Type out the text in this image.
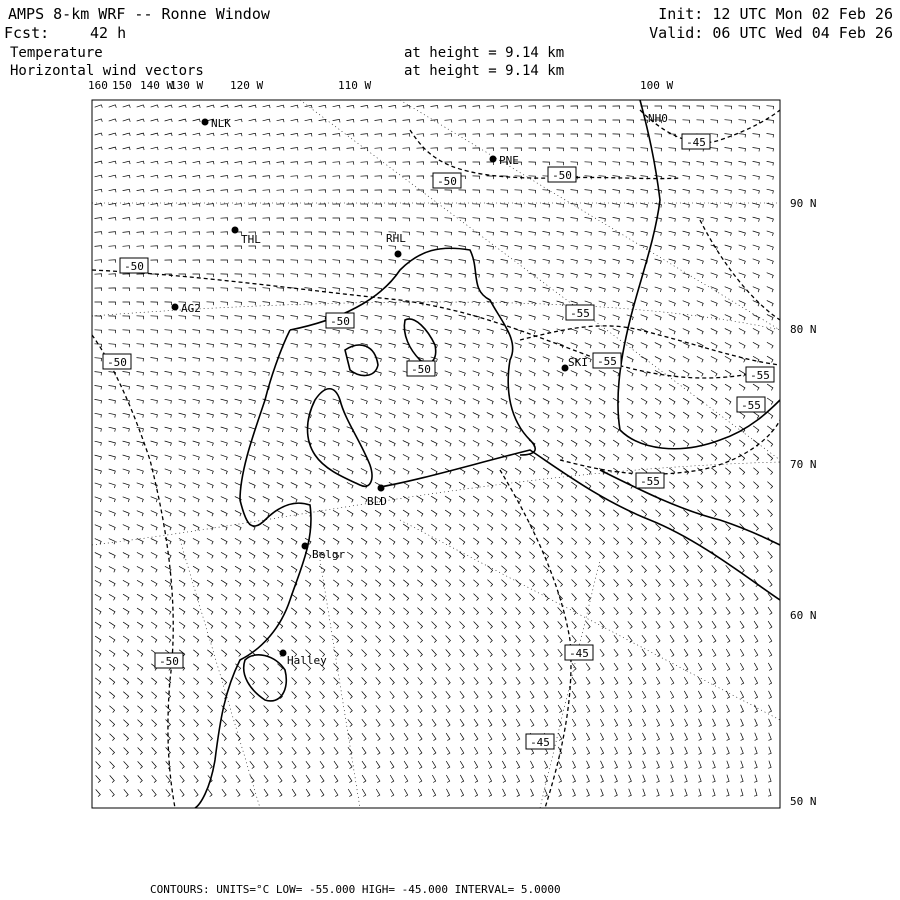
AMPS 8-km WRF -- Ronne Window
Fcst:	42 h
Init: 12 UTC Mon 02 Feb 26
Valid: 06 UTC Wed 04 Feb 26
Temperature
Horizontal wind vectors
at height = 9.14 km
at height = 9.14 km
160 150 140 W
130 W 120 W	110 W	100 W
90 N
80 N
70 N
60 N
50 N
NLK
PNE
THL	RHL
AG2
SKI
BLD
Belgr
Halley
NH0
-50	-50
-50
-50
-50
-50
-50
-55
-55
-55
-55
-55
-45
-45
-45
CONTOURS: UNITS=°C LOW= -55.000 HIGH= -45.000 INTERVAL= 5.0000
